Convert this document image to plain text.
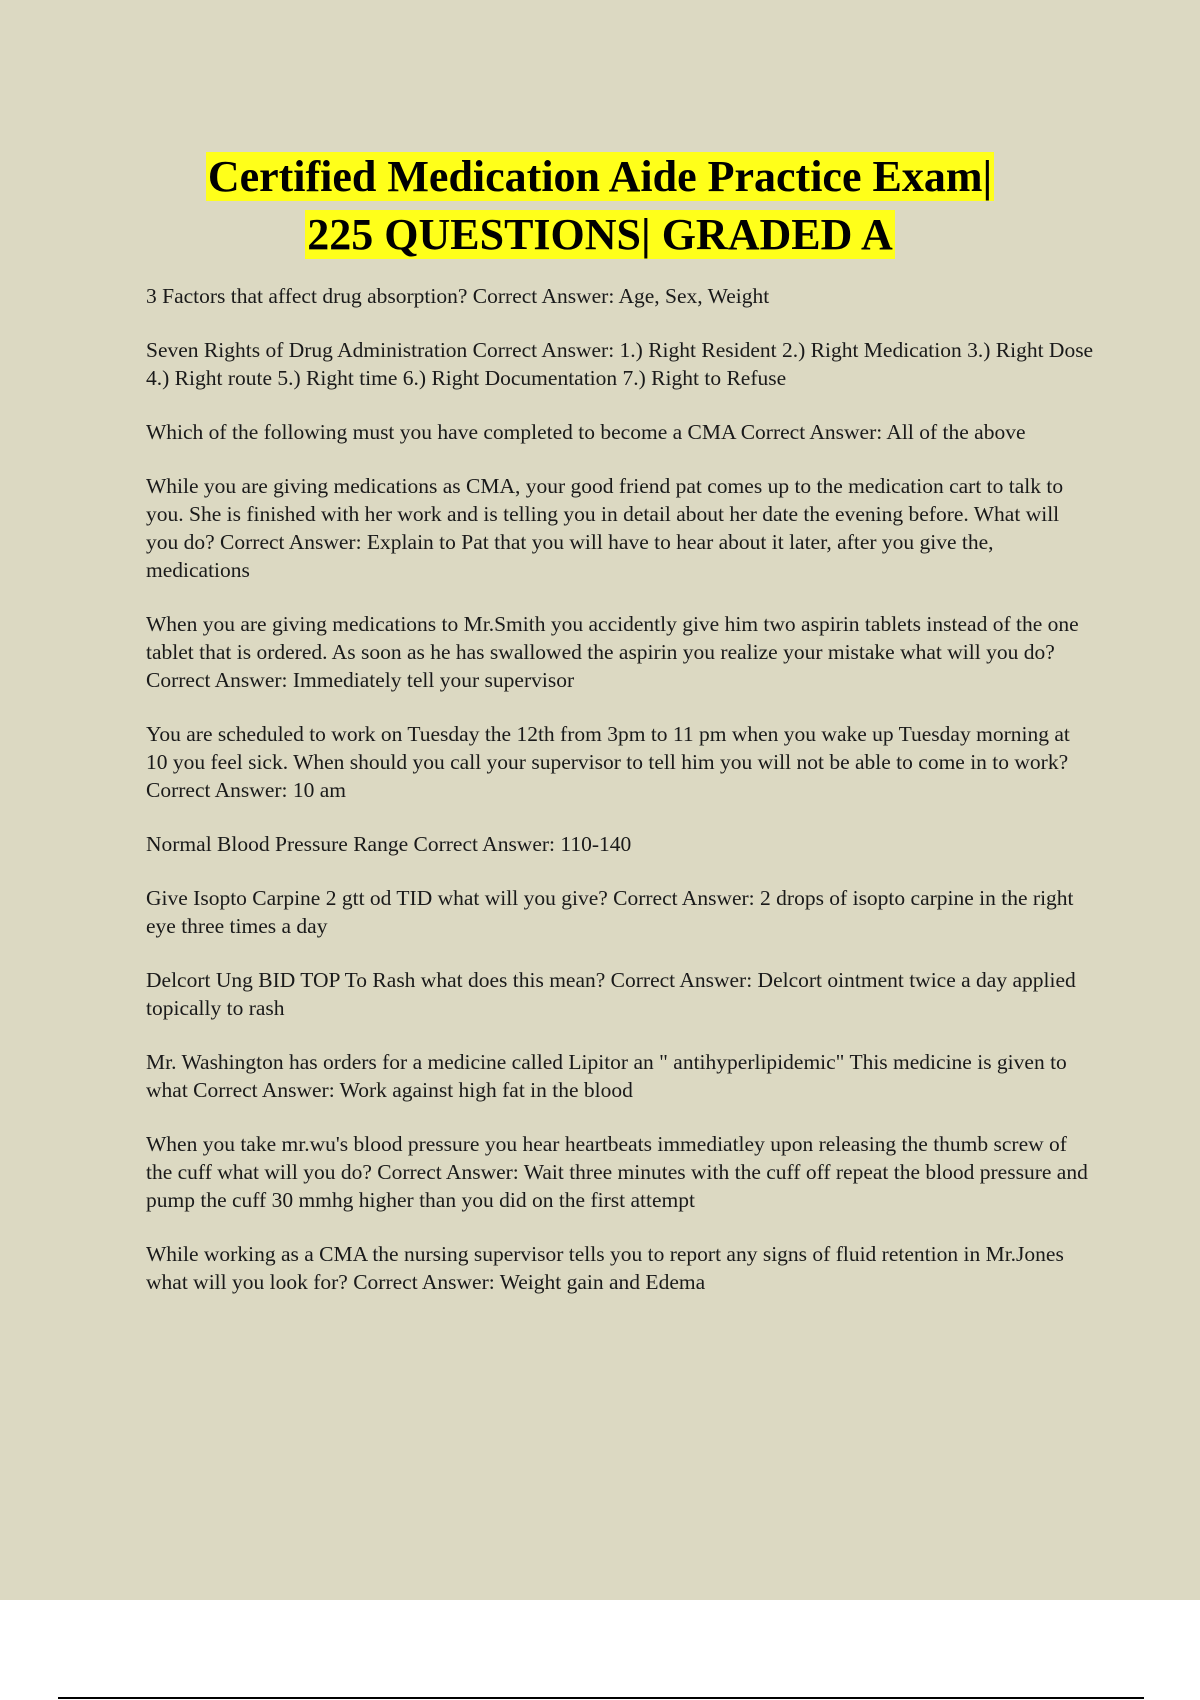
Certified Medication Aide Practice Exam|
225 QUESTIONS| GRADED A
3 Factors that affect drug absorption? Correct Answer: Age, Sex, Weight
Seven Rights of Drug Administration Correct Answer: 1.) Right Resident 2.) Right Medication 3.) Right Dose 4.) Right route 5.) Right time 6.) Right Documentation 7.) Right to Refuse
Which of the following must you have completed to become a CMA Correct Answer: All of the above
While you are giving medications as CMA, your good friend pat comes up to the medication cart to talk to you. She is finished with her work and is telling you in detail about her date the evening before. What will you do? Correct Answer: Explain to Pat that you will have to hear about it later, after you give the, medications
When you are giving medications to Mr.Smith you accidently give him two aspirin tablets instead of the one tablet that is ordered. As soon as he has swallowed the aspirin you realize your mistake what will you do? Correct Answer: Immediately tell your supervisor
You are scheduled to work on Tuesday the 12th from 3pm to 11 pm when you wake up Tuesday morning at 10 you feel sick. When should you call your supervisor to tell him you will not be able to come in to work? Correct Answer: 10 am
Normal Blood Pressure Range Correct Answer: 110-140
Give Isopto Carpine 2 gtt od TID what will you give? Correct Answer: 2 drops of isopto carpine in the right eye three times a day
Delcort Ung BID TOP To Rash what does this mean? Correct Answer: Delcort ointment twice a day applied topically to rash
Mr. Washington has orders for a medicine called Lipitor an " antihyperlipidemic" This medicine is given to what Correct Answer: Work against high fat in the blood
When you take mr.wu's blood pressure you hear heartbeats immediatley upon releasing the thumb screw of the cuff what will you do? Correct Answer: Wait three minutes with the cuff off repeat the blood pressure and pump the cuff 30 mmhg higher than you did on the first attempt
While working as a CMA the nursing supervisor tells you to report any signs of fluid retention in Mr.Jones what will you look for? Correct Answer: Weight gain and Edema
